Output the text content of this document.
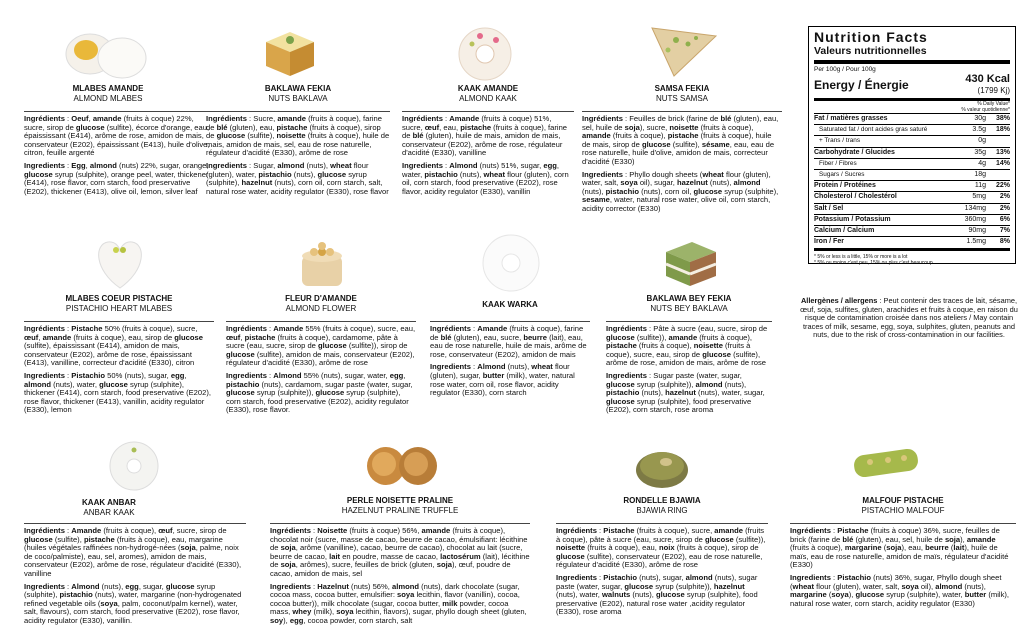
MLABES AMANDE
ALMOND MLABES

Ingrédients : Oeuf, amande (fruits à coque) 22%, sucre, sirop de glucose (sulfite), écorce d'orange, eau, épaississant (E414), arôme de rose, amidon de mais, conservateur (E202), épaississant (E413), huile d'olive, citron, feuille argenté

Ingredients : Egg, almond (nuts) 22%, sugar, orange, glucose syrup (sulphite), orange peel, water, thickener (E414), rose flavor, corn starch, food preservative (E202), thickener (E413), olive oil, lemon, silver leaf

BAKLAWA FEKIA
NUTS BAKLAVA

Ingrédients : Sucre, amande (fruits à coque), farine de blé (gluten), eau, pistache (fruits à coque), sirop de glucose (sulfite), noisette (fruits à coque), huile de mais, amidon de mais, sel, eau de rose naturelle, régulateur d'acidité (E330), arôme de rose

Ingredients : Sugar, almond (nuts), wheat flour (gluten), water, pistachio (nuts), glucose syrup (sulphite), hazelnut (nuts), corn oil, corn starch, salt, natural rose water, acidity regulator (E330), rose flavor

KAAK AMANDE
ALMOND KAAK

Ingrédients : Amande (fruits à coque) 51%, sucre, œuf, eau, pistache (fruits à coque), farine de blé (gluten), huile de mais, amidon de mais, conservateur (E202), arôme de rose, régulateur d'acidité (E330), vanilline

Ingredients : Almond (nuts) 51%, sugar, egg, water, pistachio (nuts), wheat flour (gluten), corn oil, corn starch, food preservative (E202), rose flavor, acidity regulator (E330), vanillin

SAMSA FEKIA
NUTS SAMSA

Ingrédients : Feuilles de brick (farine de blé (gluten), eau, sel, huile de soja), sucre, noisette (fruits à coque), amande (fruits à coque), pistache (fruits à coque), huile de mais, sirop de glucose (sulfite), sésame, eau, eau de rose naturelle, huile d'olive, amidon de mais, correcteur d'acidité (E330)

Ingredients : Phyllo dough sheets (wheat flour (gluten), water, salt, soya oil), sugar, hazelnut (nuts), almond (nuts), pistachio (nuts), corn oil, glucose syrup (sulphite), sesame, water, natural rose water, olive oil, corn starch, acidity corrector (E330)

MLABES COEUR PISTACHE
PISTACHIO HEART MLABES

Ingrédients : Pistache 50% (fruits à coque), sucre, œuf, amande (fruits à coque), eau, sirop de glucose (sulfite), épaississant (E414), amidon de mais, conservateur (E202), arôme de rose, épaississant (E413), vanilline, correcteur d'acidité (E330), citron

Ingredients : Pistachio 50% (nuts), sugar, egg, almond (nuts), water, glucose syrup (sulphite), thickener (E414), corn starch, food preservative (E202), rose flavor, thickener (E413), vanillin, acidity regulator (E330), lemon

FLEUR D'AMANDE
ALMOND FLOWER

Ingrédients : Amande 55% (fruits à coque), sucre, eau, œuf, pistache (fruits à coque), cardamome, pâte à sucre (eau, sucre, sirop de glucose (sulfite)), sirop de glucose (sulfite), amidon de mais, conservateur (E202), régulateur d'acidité (E330), arôme de rose

Ingredients : Almond 55% (nuts), sugar, water, egg, pistachio (nuts), cardamom, sugar paste (water, sugar, glucose syrup (sulphite)), glucose syrup (sulphite), corn starch, food preservative (E202), acidity regulator (E330), rose flavor.

KAAK WARKA

Ingrédients : Amande (fruits à coque), farine de blé (gluten), eau, sucre, beurre (lait), eau, eau de rose naturelle, huile de mais, arôme de rose, conservateur (E202), amidon de mais

Ingredients : Almond (nuts), wheat flour (gluten), sugar, butter (milk), water, natural rose water, corn oil, rose flavor, acidity regulator (E330), corn starch

BAKLAWA BEY FEKIA
NUTS BEY BAKLAVA

Ingrédients : Pâte à sucre (eau, sucre, sirop de glucose (sulfite)), amande (fruits à coque), pistache (fruits à coque), noisette (fruits à coque), sucre, eau, sirop de glucose (sulfite), arôme de rose, amidon de mais, arôme de rose

Ingredients : Sugar paste (water, sugar, glucose syrup (sulphite)), almond (nuts), pistachio (nuts), hazelnut (nuts), water, sugar, glucose syrup (sulphite), food preservative (E202), corn starch, rose aroma

KAAK ANBAR
ANBAR KAAK

Ingrédients : Amande (fruits à coque), œuf, sucre, sirop de glucose (sulfite), pistache (fruits à coque), eau, margarine (huiles végétales raffinées non-hydrogé-nées (soja, palme, noix de coco/palmiste), eau, sel, aromes), amidon de mais, conservateur (E202), arôme de rose, régulateur d'acidité (E330), vanilline

Ingredients : Almond (nuts), egg, sugar, glucose syrup (sulphite), pistachio (nuts), water, margarine (non-hydrogenated refined vegetable oils (soya, palm, coconut/palm kernel), water, salt, flavours), corn starch, food preservative (E202), rose flavor, acidity regulator (E330), vanillin.

PERLE NOISETTE PRALINE
HAZELNUT PRALINE TRUFFLE

Ingrédients : Noisette (fruits à coque) 56%, amande (fruits à coque), chocolat noir (sucre, masse de cacao, beurre de cacao, émulsifiant: lécithine de soja, arôme (vanilline), cacao, beurre de cacao), chocolat au lait (sucre, beurre de cacao, lait en poudre, masse de cacao, lactosérum (lait), lécithine de soja, arômes), sucre, feuilles de brick (gluten, soja), œuf, poudre de cacao, amidon de mais, sel

Ingredients : Hazelnut (nuts) 56%, almond (nuts), dark chocolate (sugar, cocoa mass, cocoa butter, emulsifier: soya lecithin, flavor (vanillin), cocoa, cocoa butter)), milk chocolate (sugar, cocoa butter, milk powder, cocoa mass, whey (milk), soya lecithin, flavors), sugar, phyllo dough sheet (gluten, soy), egg, cocoa powder, corn starch, salt

RONDELLE BJAWIA
BJAWIA RING

Ingrédients : Pistache (fruits à coque), sucre, amande (fruits à coque), pâte à sucre (eau, sucre, sirop de glucose (sulfite)), noisette (fruits à coque), eau, noix (fruits à coque), sirop de glucose (sulfite), conservateur (E202), eau de rose naturelle, régulateur d'acidité (E330), arôme de rose

Ingredients : Pistachio (nuts), sugar, almond (nuts), sugar paste (water, sugar, glucose syrup (sulphite)), hazelnut (nuts), water, walnuts (nuts), glucose syrup (sulphite), food preservative (E202), natural rose water ,acidity regulator (E330), rose aroma

MALFOUF PISTACHE
PISTACHIO MALFOUF

Ingrédients : Pistache (fruits à coque) 36%, sucre, feuilles de brick (farine de blé (gluten), eau, sel, huile de soja), amande (fruits à coque), margarine (soja), eau, beurre (lait), huile de maïs, eau de rose naturelle, amidon de maïs, régulateur d'acidité (E330)

Ingredients : Pistachio (nuts) 36%, sugar, Phyllo dough sheet (wheat flour (gluten), water, salt, soya oil), almond (nuts), margarine (soya), glucose syrup (sulphite), water, butter (milk), natural rose water, corn starch, acidity regulator (E330)

Nutrition Facts
Valeurs nutritionnelles
Per 100g / Pour 100g
Energy / Énergie	430 Kcal
(1799 Kj)
% Daily Value*
% valeur quotidienne*
Fat / matières grasses	30g	38%
Saturated fat / dont acides gras saturé	3.5g	18%
+ Trans / trans	0g
Carbohydrate / Glucides	35g	13%
Fiber / Fibres	4g	14%
Sugars / Sucres	18g
Protein / Protéines	11g	22%
Cholesterol / Cholestérol	5mg	2%
Salt / Sel	134mg	2%
Potassium / Potassium	360mg	6%
Calcium / Calcium	90mg	7%
Iron / Fer	1.5mg	8%
* 5% or less is a little, 15% or more is a lot
* 5% ou moins c'est peu, 15% ou plus c'est beaucoup
Allergènes / allergens : Peut contenir des traces de lait, sésame, œuf, soja, sulfites, gluten, arachides et fruits à coque, en raison du risque de contamination croisée dans nos ateliers / May contain traces of milk, sesame, egg, soya, sulphites, gluten, peanuts and nuts, due to the risk of cross-contamination in our facilities.
